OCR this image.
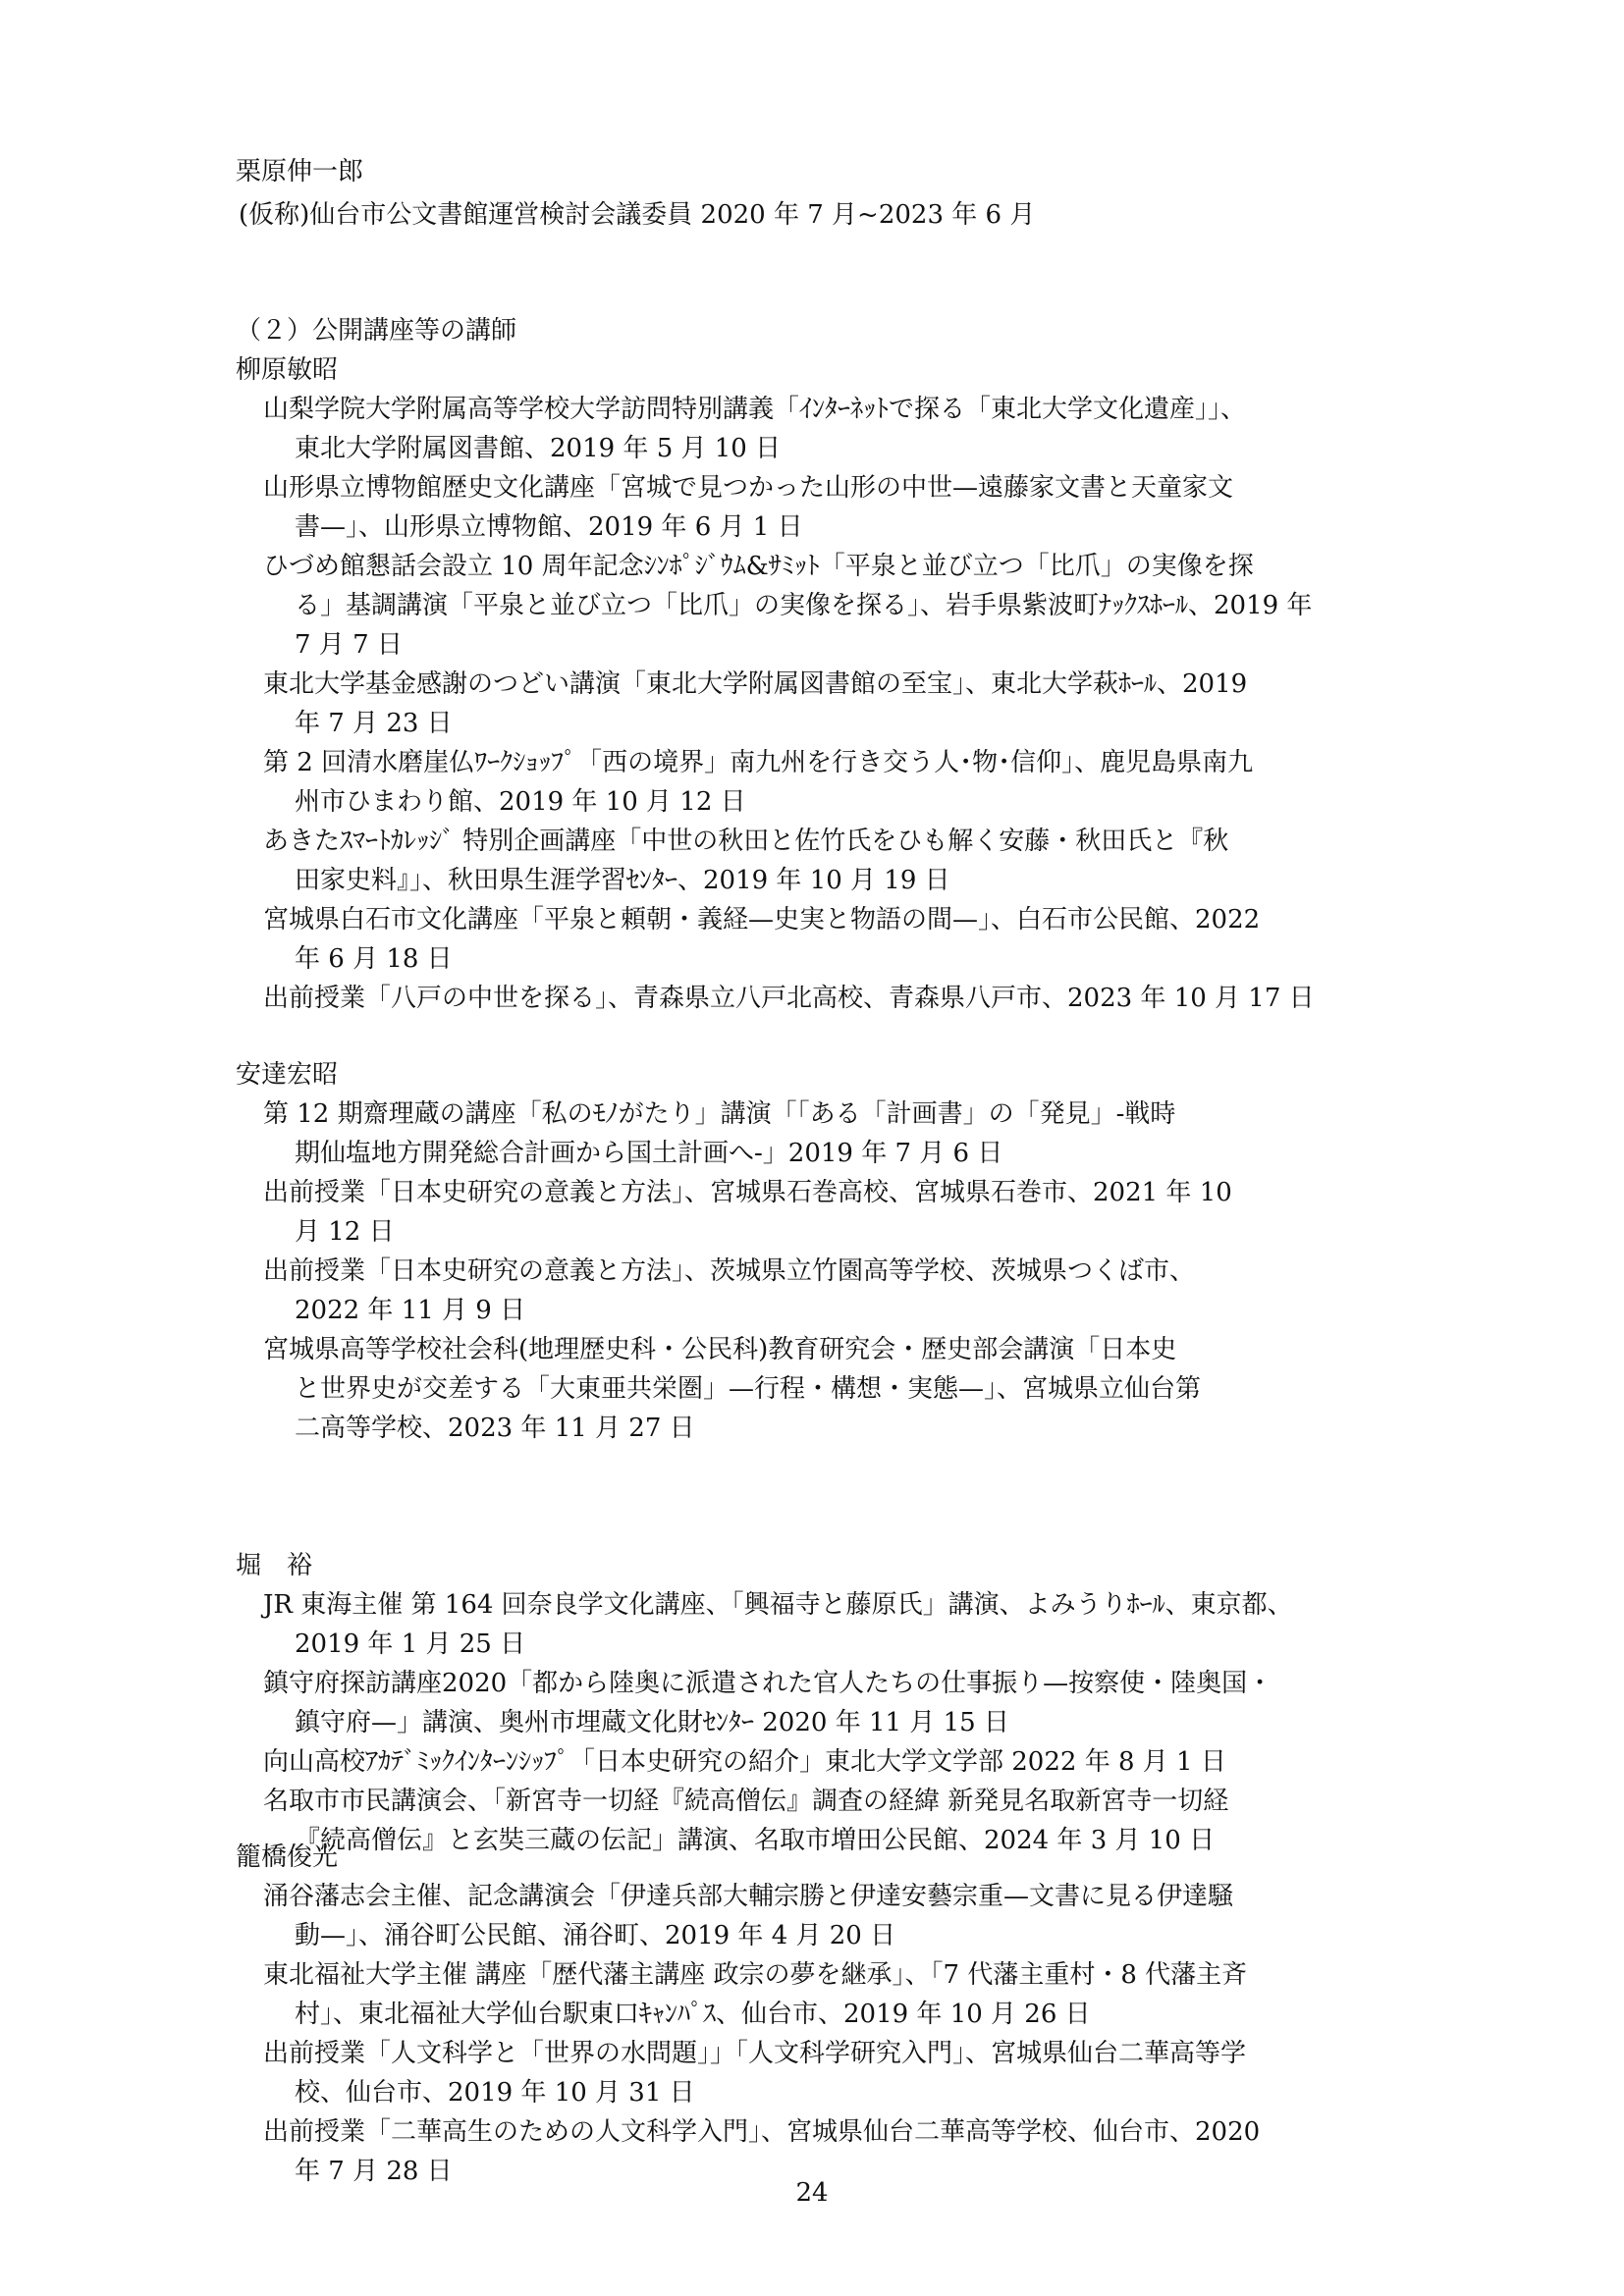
栗原伸一郎
(仮称)仙台市公文書館運営検討会議委員 2020 年 7 月~2023 年 6 月
（２）公開講座等の講師
柳原敏昭
山梨学院大学附属高等学校大学訪問特別講義「ｲﾝﾀｰﾈｯﾄで探る「東北大学文化遺産」」、
東北大学附属図書館、2019 年 5 月 10 日
山形県立博物館歴史文化講座「宮城で見つかった山形の中世—遠藤家文書と天童家文
書—」、山形県立博物館、2019 年 6 月 1 日
ひづめ館懇話会設立 10 周年記念ｼﾝﾎﾟｼﾞｳﾑ&ｻﾐｯﾄ「平泉と並び立つ「比爪」の実像を探
る」基調講演「平泉と並び立つ「比爪」の実像を探る」、岩手県紫波町ﾅｯｸｽﾎｰﾙ、2019 年
7 月 7 日
東北大学基金感謝のつどい講演「東北大学附属図書館の至宝」、東北大学萩ﾎｰﾙ、2019
年 7 月 23 日
第 2 回清水磨崖仏ﾜｰｸｼｮｯﾌﾟ「西の境界」南九州を行き交う人･物･信仰」、鹿児島県南九
州市ひまわり館、2019 年 10 月 12 日
あきたｽﾏｰﾄｶﾚｯｼﾞ 特別企画講座「中世の秋田と佐竹氏をひも解く安藤・秋田氏と『秋
田家史料』」、秋田県生涯学習ｾﾝﾀｰ、2019 年 10 月 19 日
宮城県白石市文化講座「平泉と頼朝・義経—史実と物語の間—」、白石市公民館、2022
年 6 月 18 日
出前授業「八戸の中世を探る」、青森県立八戸北高校、青森県八戸市、2023 年 10 月 17 日
安達宏昭
第 12 期齋理蔵の講座「私のﾓﾉがたり」講演「「ある「計画書」の「発見」-戦時
期仙塩地方開発総合計画から国土計画へ-」2019 年 7 月 6 日
出前授業「日本史研究の意義と方法」、宮城県石巻高校、宮城県石巻市、2021 年 10
月 12 日
出前授業「日本史研究の意義と方法」、茨城県立竹園高等学校、茨城県つくば市、
2022 年 11 月 9 日
宮城県高等学校社会科(地理歴史科・公民科)教育研究会・歴史部会講演「日本史
と世界史が交差する「大東亜共栄圏」—行程・構想・実態—」、宮城県立仙台第
二高等学校、2023 年 11 月 27 日
堀　裕
JR 東海主催 第 164 回奈良学文化講座、「興福寺と藤原氏」講演、よみうりﾎｰﾙ、東京都、
2019 年 1 月 25 日
鎮守府探訪講座2020「都から陸奥に派遣された官人たちの仕事振り—按察使・陸奥国・
鎮守府—」講演、奥州市埋蔵文化財ｾﾝﾀｰ 2020 年 11 月 15 日
向山高校ｱｶﾃﾞﾐｯｸｲﾝﾀｰﾝｼｯﾌﾟ「日本史研究の紹介」東北大学文学部 2022 年 8 月 1 日
名取市市民講演会、「新宮寺一切経『続高僧伝』調査の経緯 新発見名取新宮寺一切経
『続高僧伝』と玄奘三蔵の伝記」講演、名取市増田公民館、2024 年 3 月 10 日
籠橋俊光
涌谷藩志会主催、記念講演会「伊達兵部大輔宗勝と伊達安藝宗重—文書に見る伊達騒
動—」、涌谷町公民館、涌谷町、2019 年 4 月 20 日
東北福祉大学主催 講座「歴代藩主講座 政宗の夢を継承」、「7 代藩主重村・8 代藩主斉
村」、東北福祉大学仙台駅東口ｷｬﾝﾊﾟｽ、仙台市、2019 年 10 月 26 日
出前授業「人文科学と「世界の水問題」」「人文科学研究入門」、宮城県仙台二華高等学
校、仙台市、2019 年 10 月 31 日
出前授業「二華高生のための人文科学入門」、宮城県仙台二華高等学校、仙台市、2020
年 7 月 28 日
24
